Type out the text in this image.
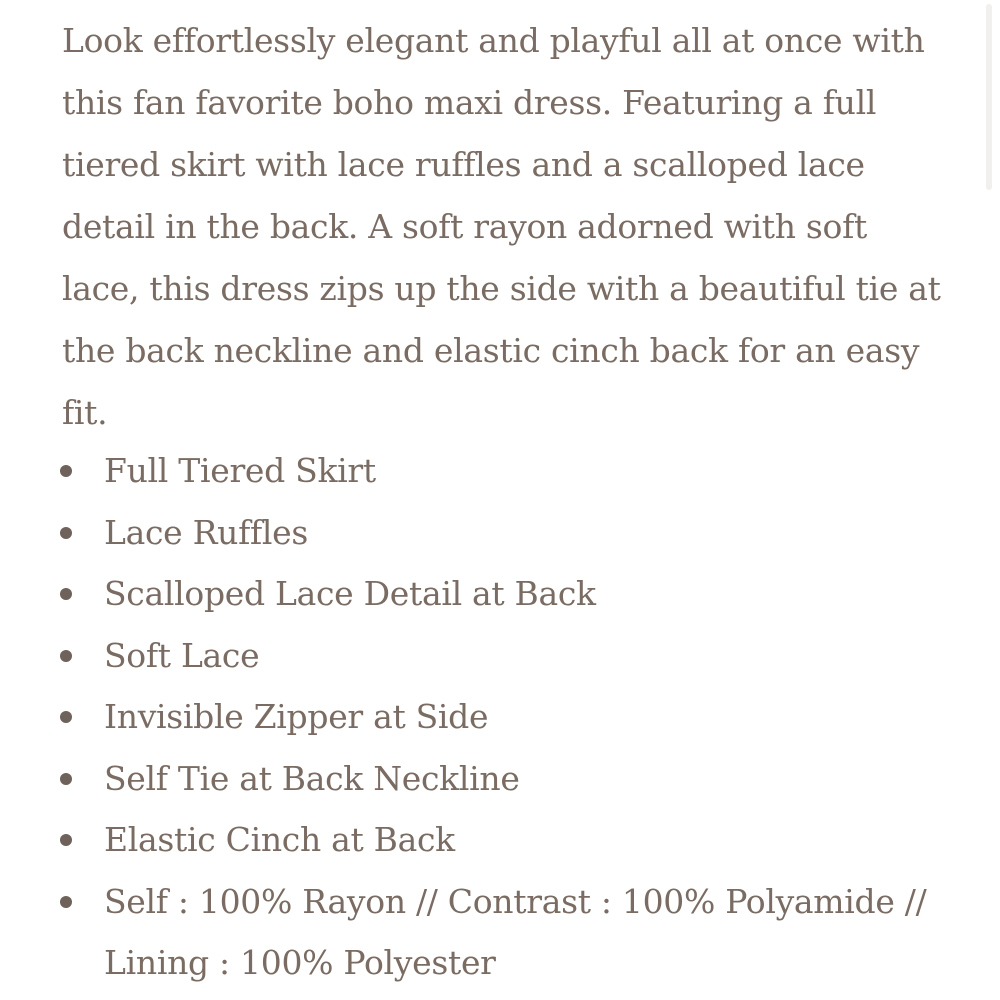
Look effortlessly elegant and playful all at once with this fan favorite boho maxi dress. Featuring a full tiered skirt with lace ruffles and a scalloped lace detail in the back. A soft rayon adorned with soft lace, this dress zips up the side with a beautiful tie at the back neckline and elastic cinch back for an easy fit.

Full Tiered Skirt
Lace Ruffles
Scalloped Lace Detail at Back
Soft Lace
Invisible Zipper at Side
Self Tie at Back Neckline
Elastic Cinch at Back
Self : 100% Rayon // Contrast : 100% Polyamide // Lining : 100% Polyester
